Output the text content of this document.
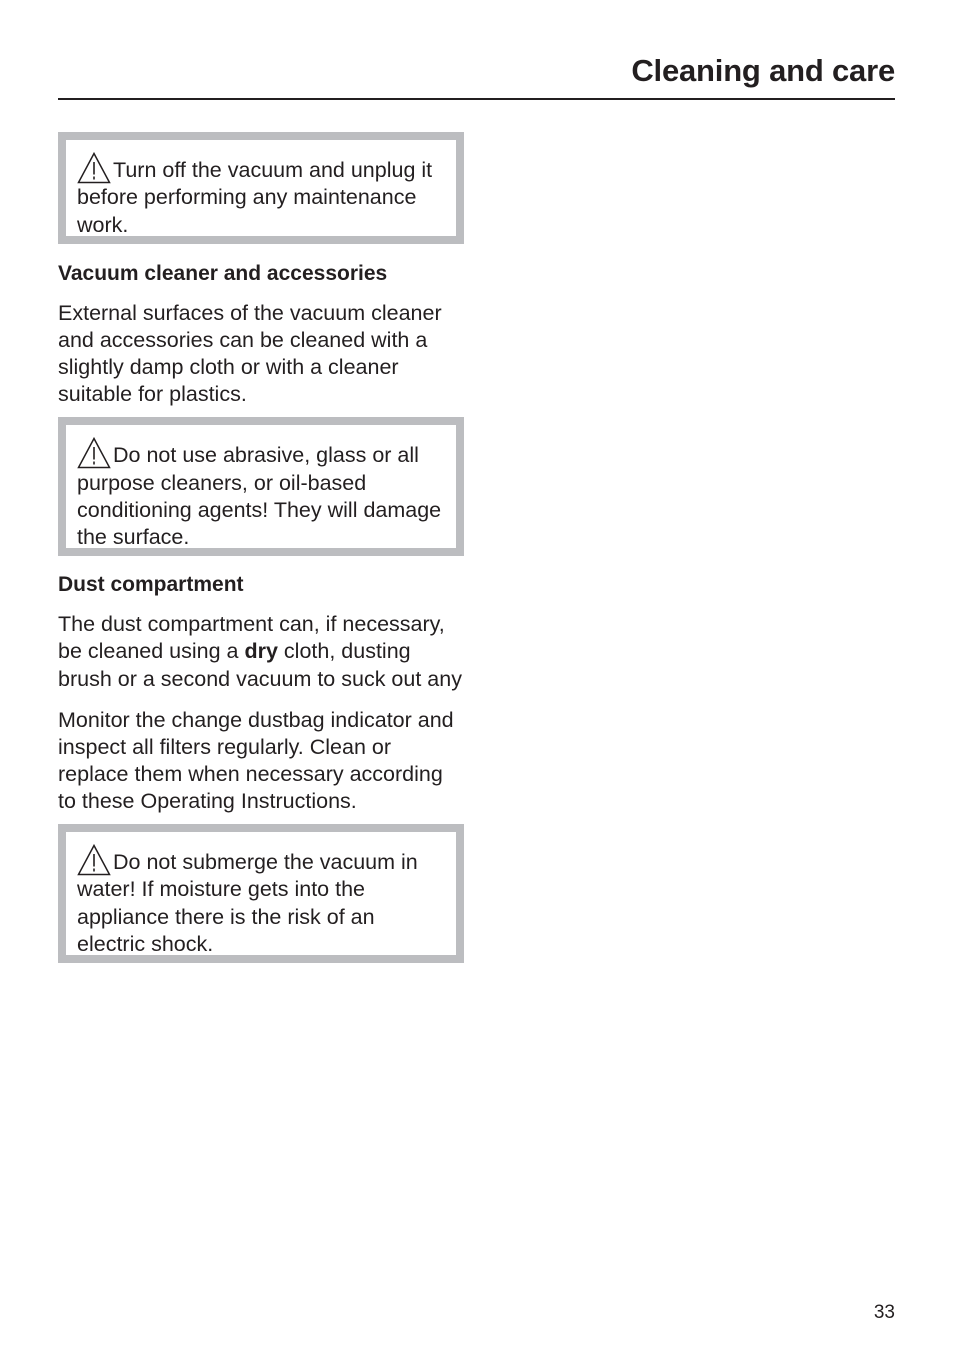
Cleaning and care
Turn off the vacuum and unplug it before performing any maintenance work.
Vacuum cleaner and accessories

External surfaces of the vacuum cleaner and accessories can be cleaned with a slightly damp cloth or with a cleaner suitable for plastics.

Do not use abrasive, glass or all purpose cleaners, or oil-based conditioning agents! They will damage the surface.
Dust compartment

The dust compartment can, if necessary, be cleaned using a dry cloth, dusting brush or a second vacuum to suck out any

Monitor the change dustbag indicator and inspect all filters regularly. Clean or replace them when necessary according to these Operating Instructions.

Do not submerge the vacuum in water! If moisture gets into the appliance there is the risk of an electric shock.
33
